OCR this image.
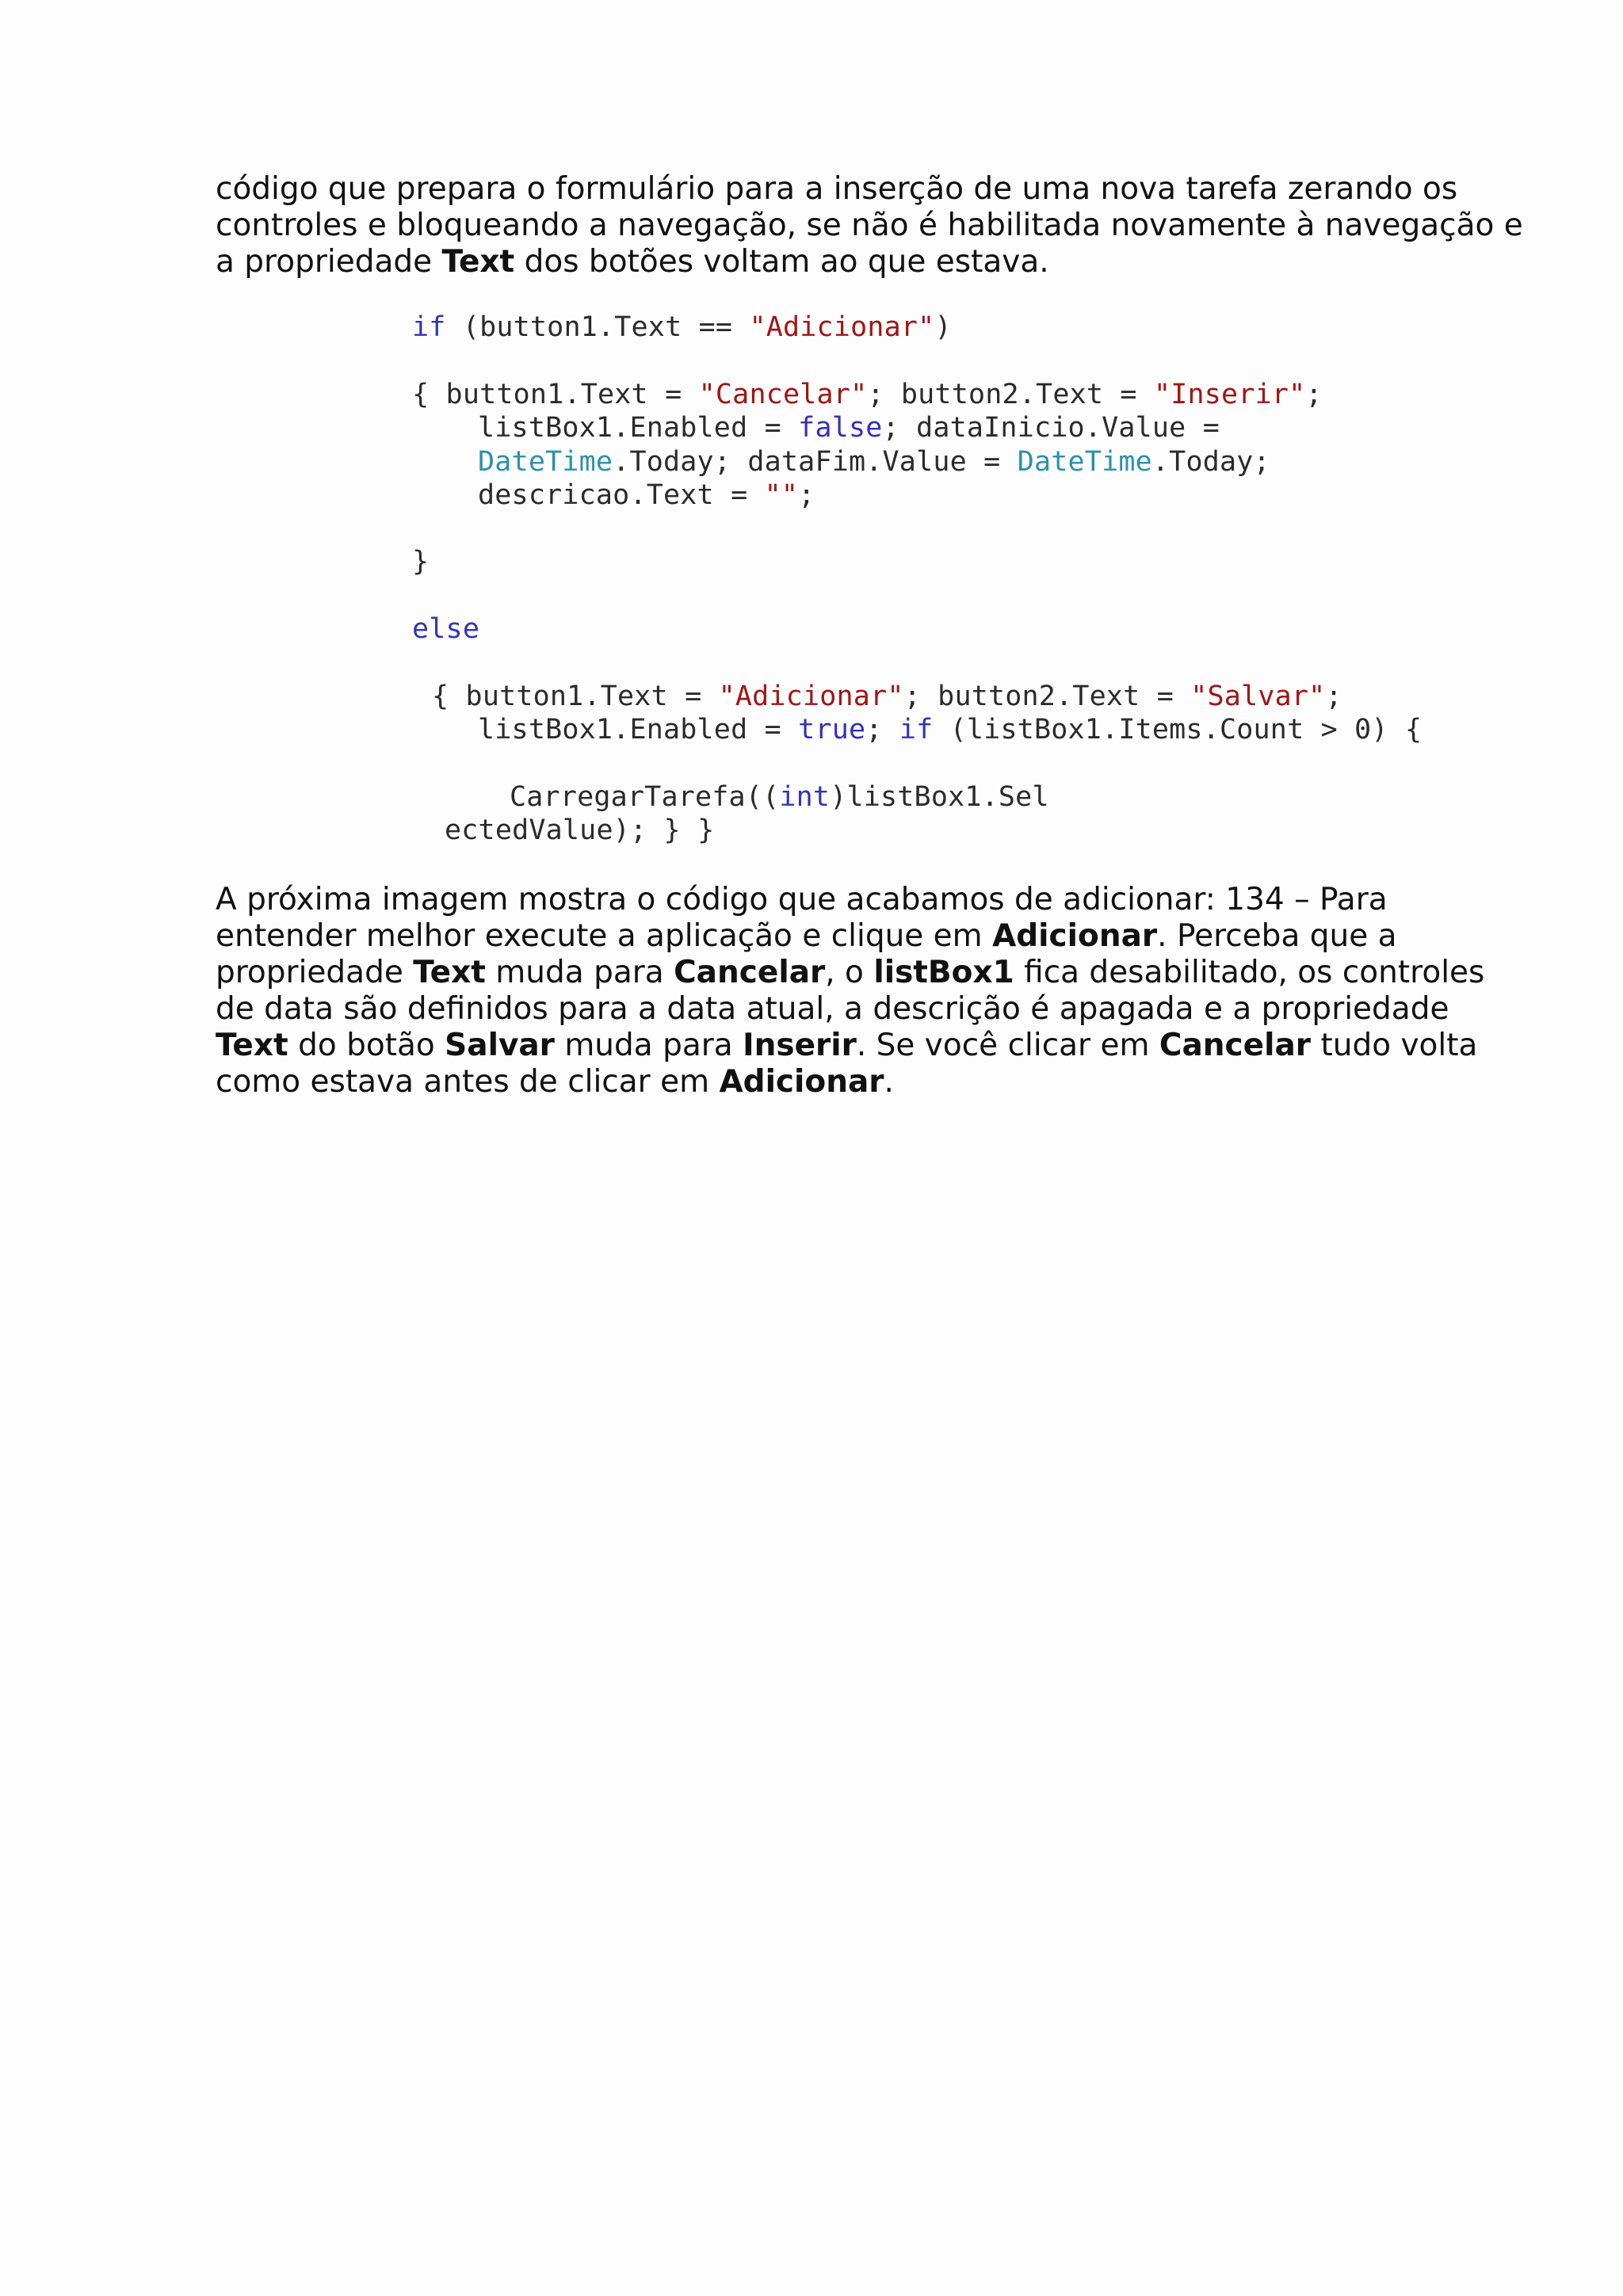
código que prepara o formulário para a inserção de uma nova tarefa zerando os
controles e bloqueando a navegação, se não é habilitada novamente à navegação e
a propriedade Text dos botões voltam ao que estava.
if (button1.Text == "Adicionar")
{ button1.Text = "Cancelar"; button2.Text = "Inserir";
listBox1.Enabled = false; dataInicio.Value =
DateTime.Today; dataFim.Value = DateTime.Today;
descricao.Text = "";
}
else
{ button1.Text = "Adicionar"; button2.Text = "Salvar";
listBox1.Enabled = true; if (listBox1.Items.Count > 0) {
CarregarTarefa((int)listBox1.Sel
ectedValue); } }
A próxima imagem mostra o código que acabamos de adicionar: 134 – Para
entender melhor execute a aplicação e clique em Adicionar. Perceba que a
propriedade Text muda para Cancelar, o listBox1 fica desabilitado, os controles
de data são definidos para a data atual, a descrição é apagada e a propriedade
Text do botão Salvar muda para Inserir. Se você clicar em Cancelar tudo volta
como estava antes de clicar em Adicionar.
